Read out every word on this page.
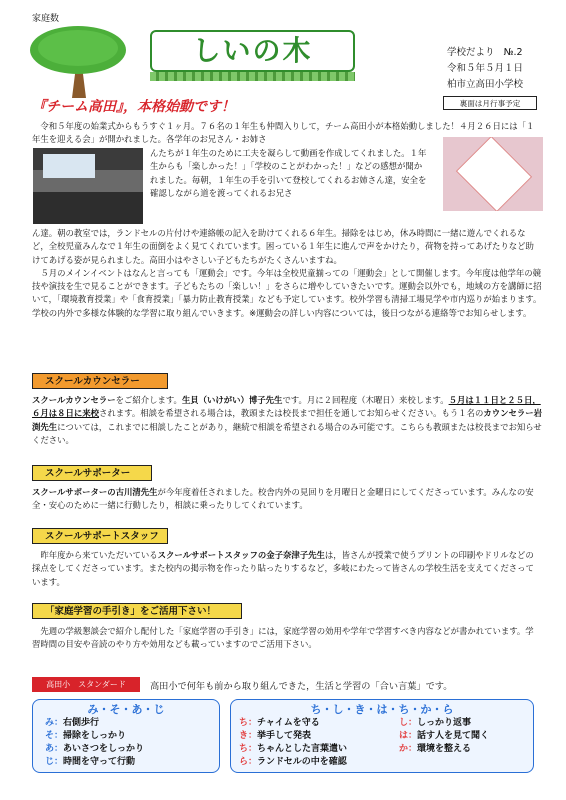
家庭数
しいの木	学校だより №.2
令和５年５月１日
柏市立高田小学校
裏面は月行事予定
『チーム高田』，本格始動です！

令和５年度の始業式からもうすぐ１ヶ月。７６名の１年生も仲間入りして，チーム高田小が本格始動しました！４月２６日には「１年生を迎える会」が開かれました。各学年のお兄さん・お姉さ

んたちが１年生のために工夫を凝らして動画を作成してくれました。１年生からも「楽しかった！」「学校のことがわかった！」などの感想が聞かれました。毎朝，１年生の手を引いて登校してくれるお姉さん達，安全を確認しながら道を渡ってくれるお兄さ

ん達。朝の教室では，ランドセルの片付けや連絡帳の記入を助けてくれる６年生。掃除をはじめ，休み時間に一緒に遊んでくれるなど，全校児童みんなで１年生の面倒をよく見てくれています。困っている１年生に進んで声をかけたり，荷物を持ってあげたりなど助けてあげる姿が見られました。高田小はやさしい子どもたちがたくさんいますね。

５月のメインイベントはなんと言っても「運動会」です。今年は全校児童揃っての「運動会」として開催します。今年度は他学年の競技や演技を生で見ることができます。子どもたちの「楽しい！」をさらに増やしていきたいです。運動会以外でも，地域の方を講師に招いて，「環境教育授業」や「食育授業」「暴力防止教育授業」なども予定しています。校外学習も清掃工場見学や市内巡りが始まります。学校の内外で多様な体験的な学習に取り組んでいきます。※運動会の詳しい内容については，後日つながる連絡等でお知らせします。

スクールカウンセラー
スクールカウンセラーをご紹介します。生貝（いけがい）博子先生です。月に２回程度（木曜日）来校します。５月は１１日と２５日，６月は８日に来校されます。相談を希望される場合は，教頭または校長まで担任を通してお知らせください。もう１名のカウンセラー岩渕先生については，これまでに相談したことがあり，継続で相談を希望される場合のみ可能です。こちらも教頭または校長までお知らせください。
スクールサポーター
スクールサポーターの古川清先生が今年度着任されました。校舎内外の見回りを月曜日と金曜日にしてくださっています。みんなの安全・安心のために一緒に行動したり，相談に乗ったりしてくれています。
スクールサポートスタッフ
昨年度から来ていただいているスクールサポートスタッフの金子奈津子先生は，皆さんが授業で使うプリントの印刷やドリルなどの採点をしてくださっています。また校内の掲示物を作ったり貼ったりするなど，多岐にわたって皆さんの学校生活を支えてくださっています。
「家庭学習の手引き」をご活用下さい！

先週の学級懇談会で紹介し配付した「家庭学習の手引き」には，家庭学習の効用や学年で学習すべき内容などが書かれています。学習時間の目安や音読のやり方や効用なども載っていますのでご活用下さい。

高田小　スタンダード	高田小で何年も前から取り組んできた，生活と学習の「合い言葉」です。
み・そ・あ・じ
み：右側歩行
そ：掃除をしっかり
あ：あいさつをしっかり
じ：時間を守って行動
ち・し・き・は・ち・か・ら
ち：チャイムを守る
き：挙手して発表
ち：ちゃんとした言葉遣い
ら：ランドセルの中を確認
し：しっかり返事
は：話す人を見て聞く
か：環境を整える
